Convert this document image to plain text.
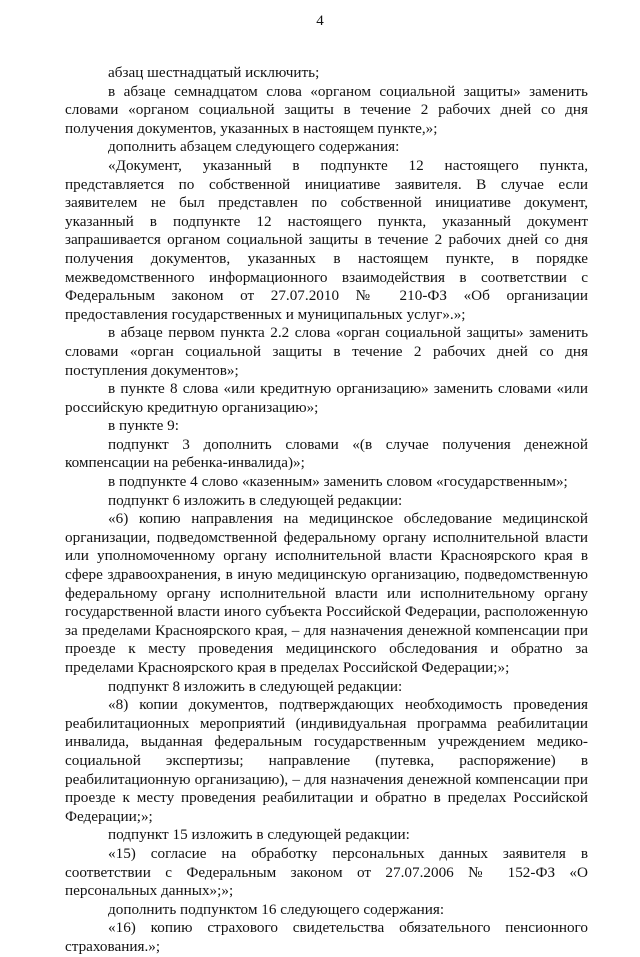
4

абзац шестнадцатый исключить;

в абзаце семнадцатом слова «органом социальной защиты» заменить словами «органом социальной защиты в течение 2 рабочих дней со дня получения документов, указанных в настоящем пункте,»;

дополнить абзацем следующего содержания:

«Документ, указанный в подпункте 12 настоящего пункта, представляется по собственной инициативе заявителя. В случае если заявителем не был представлен по собственной инициативе документ, указанный в подпункте 12 настоящего пункта, указанный документ запрашивается органом социальной защиты в течение 2 рабочих дней со дня получения документов, указанных в настоящем пункте, в порядке межведомственного информационного взаимодействия в соответствии с Федеральным законом от 27.07.2010 № 210-ФЗ «Об организации предоставления государственных и муниципальных услуг».»;

в абзаце первом пункта 2.2 слова «орган социальной защиты» заменить словами «орган социальной защиты в течение 2 рабочих дней со дня поступления документов»;

в пункте 8 слова «или кредитную организацию» заменить словами «или российскую кредитную организацию»;

в пункте 9:

подпункт 3 дополнить словами «(в случае получения денежной компенсации на ребенка-инвалида)»;

в подпункте 4 слово «казенным» заменить словом «государственным»;

подпункт 6 изложить в следующей редакции:

«6) копию направления на медицинское обследование медицинской организации, подведомственной федеральному органу исполнительной власти или уполномоченному органу исполнительной власти Красноярского края в сфере здравоохранения, в иную медицинскую организацию, подведомственную федеральному органу исполнительной власти или исполнительному органу государственной власти иного субъекта Российской Федерации, расположенную за пределами Красноярского края, – для назначения денежной компенсации при проезде к месту проведения медицинского обследования и обратно за пределами Красноярского края в пределах Российской Федерации;»;

подпункт 8 изложить в следующей редакции:

«8) копии документов, подтверждающих необходимость проведения реабилитационных мероприятий (индивидуальная программа реабилитации инвалида, выданная федеральным государственным учреждением медико-социальной экспертизы; направление (путевка, распоряжение) в реабилитационную организацию), – для назначения денежной компенсации при проезде к месту проведения реабилитации и обратно в пределах Российской Федерации;»;

подпункт 15 изложить в следующей редакции:

«15) согласие на обработку персональных данных заявителя в соответствии с Федеральным законом от 27.07.2006 № 152-ФЗ «О персональных данных»;»;

дополнить подпунктом 16 следующего содержания:

«16) копию страхового свидетельства обязательного пенсионного страхования.»;
